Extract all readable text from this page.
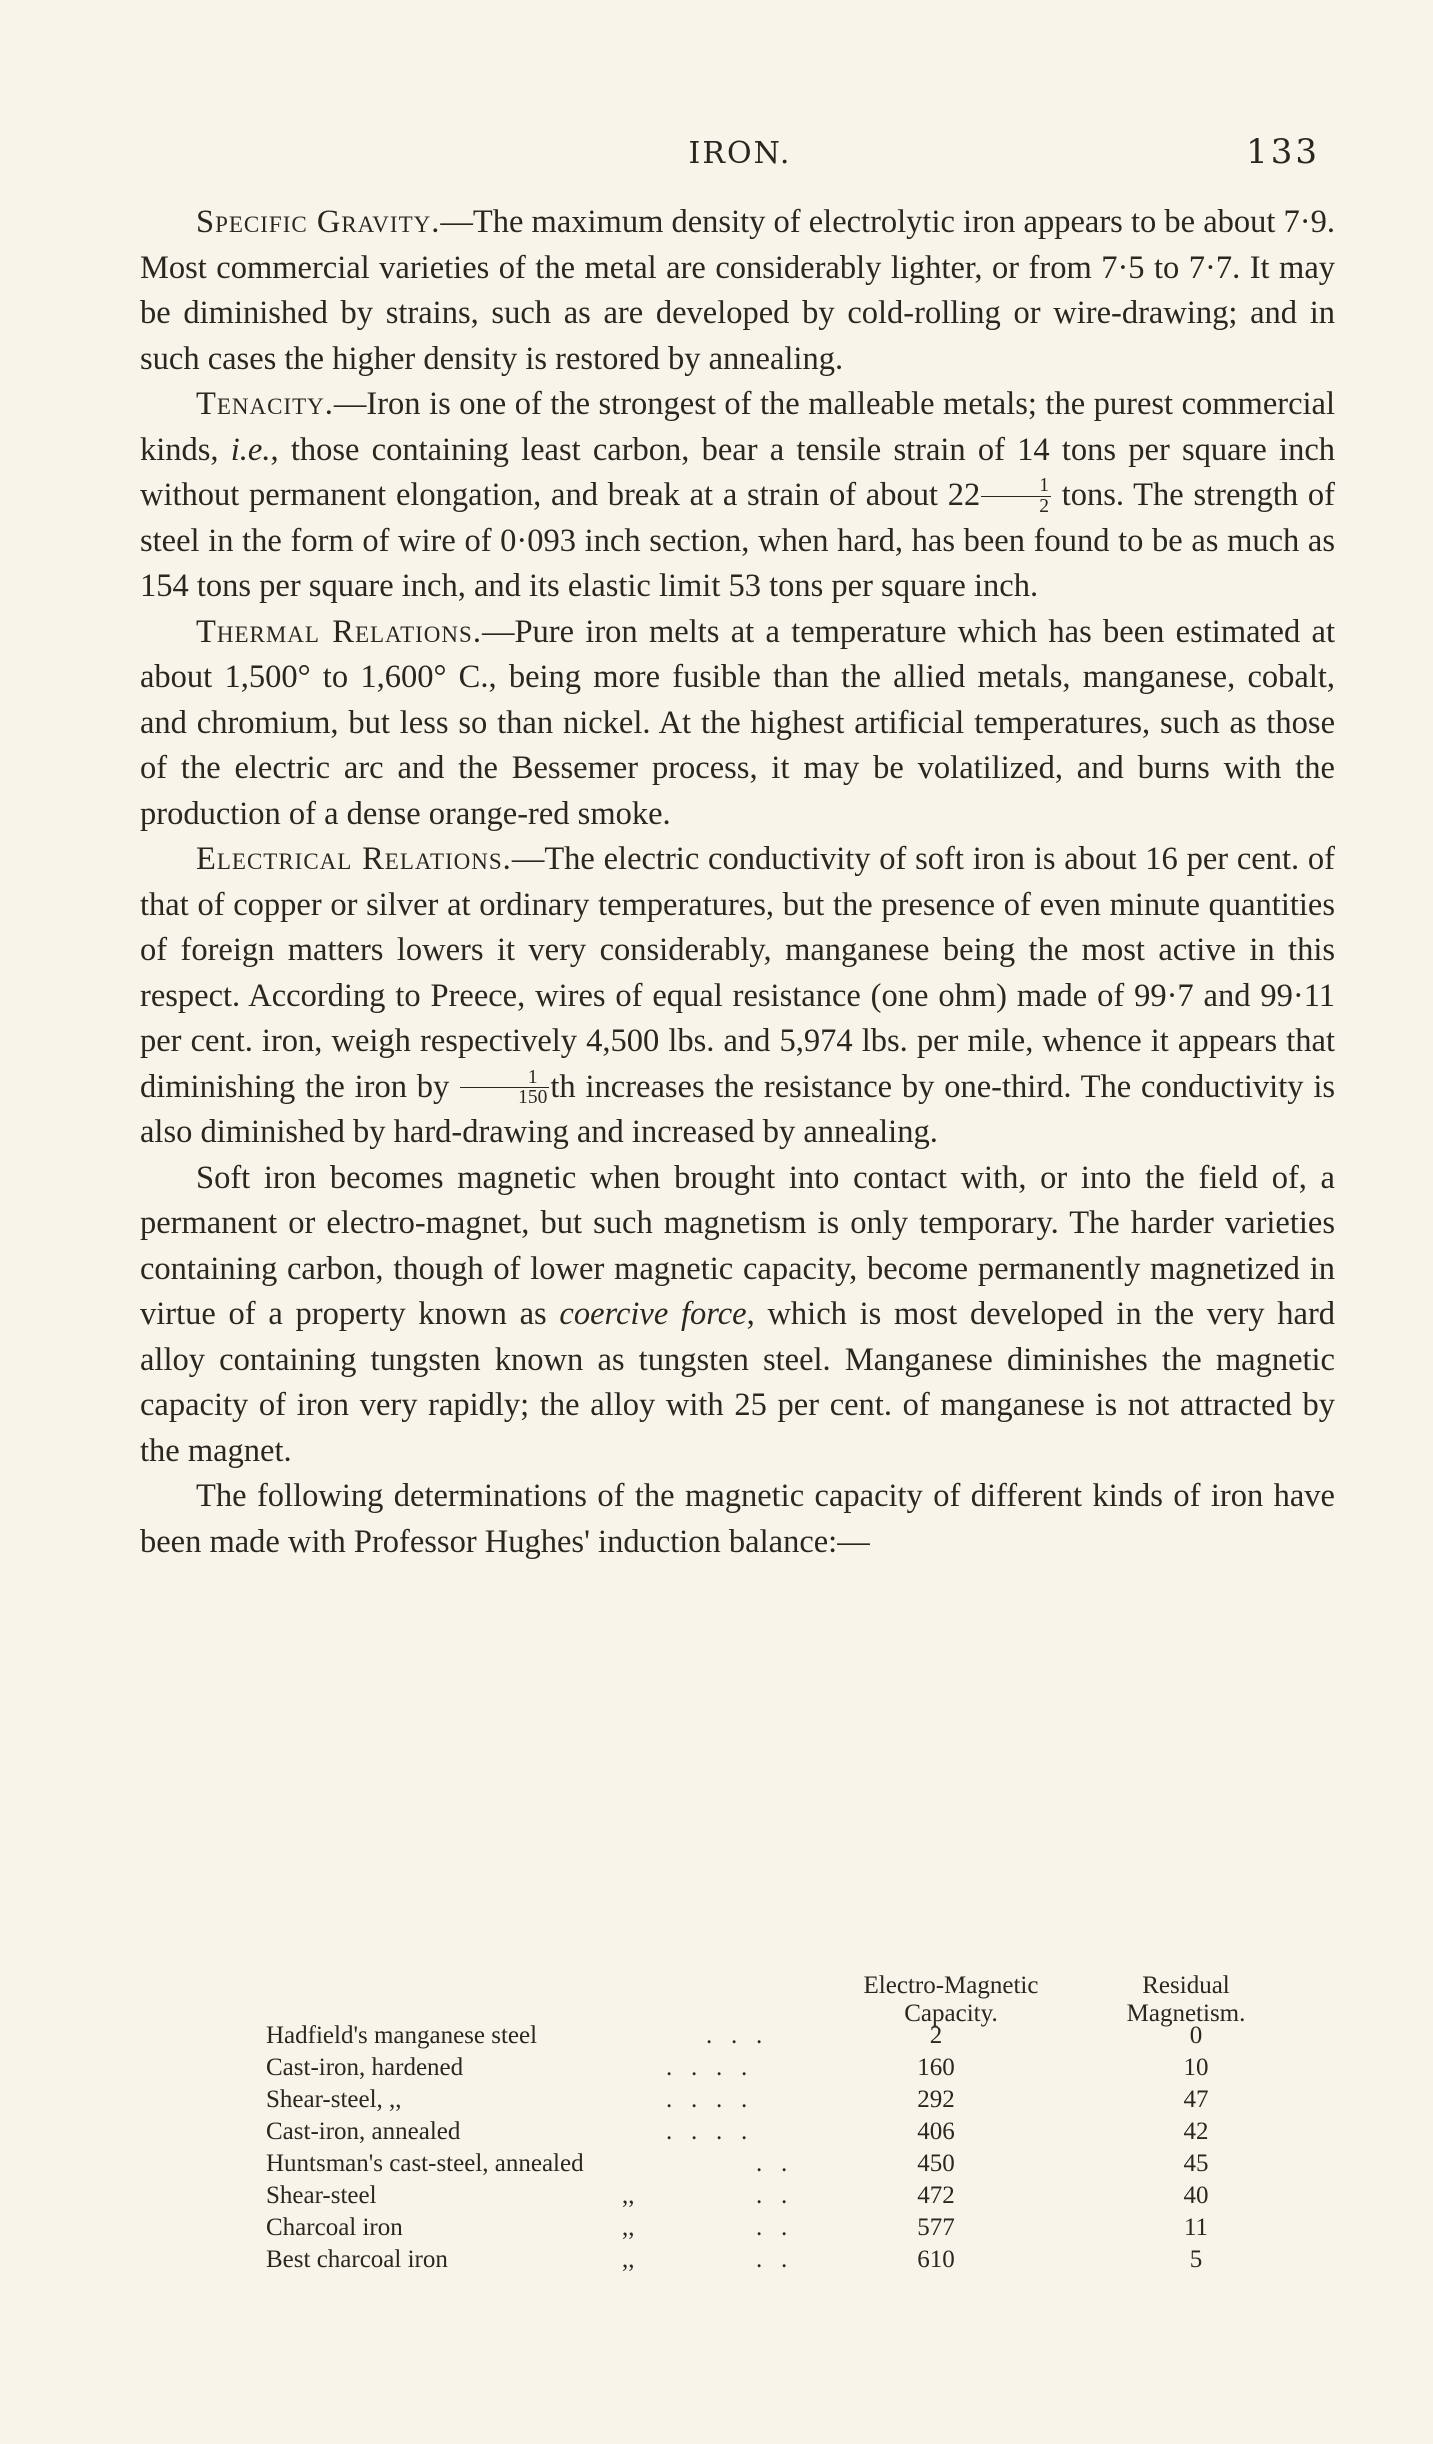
IRON.	133

Specific Gravity.—The maximum density of electrolytic iron appears to be about 7·9. Most commercial varieties of the metal are considerably lighter, or from 7·5 to 7·7. It may be diminished by strains, such as are developed by cold-rolling or wire-drawing; and in such cases the higher density is restored by annealing.

Tenacity.—Iron is one of the strongest of the malleable metals; the purest commercial kinds, i.e., those containing least carbon, bear a tensile strain of 14 tons per square inch without permanent elongation, and break at a strain of about $22 \frac{1}{2}$ tons. The strength of steel in the form of wire of 0·093 inch section, when hard, has been found to be as much as 154 tons per square inch, and its elastic limit 53 tons per square inch.

Thermal Relations.—Pure iron melts at a temperature which has been estimated at about 1,500° to 1,600° C., being more fusible than the allied metals, manganese, cobalt, and chromium, but less so than nickel. At the highest artificial temperatures, such as those of the electric arc and the Bessemer process, it may be volatilized, and burns with the production of a dense orange-red smoke.

Electrical Relations.—The electric conductivity of soft iron is about 16 per cent. of that of copper or silver at ordinary temperatures, but the presence of even minute quantities of foreign matters lowers it very considerably, manganese being the most active in this respect. According to Preece, wires of equal resistance (one ohm) made of 99·7 and 99·11 per cent. iron, weigh respectively 4,500 lbs. and 5,974 lbs. per mile, whence it appears that diminishing the iron by $\frac{1}{150}$ th increases the resistance by one-third. The conductivity is also diminished by hard-drawing and increased by annealing.

Soft iron becomes magnetic when brought into contact with, or into the field of, a permanent or electro-magnet, but such magnetism is only temporary. The harder varieties containing carbon, though of lower magnetic capacity, become permanently magnetized in virtue of a property known as coercive force, which is most developed in the very hard alloy containing tungsten known as tungsten steel. Manganese diminishes the magnetic capacity of iron very rapidly; the alloy with 25 per cent. of manganese is not attracted by the magnet.

The following determinations of the magnetic capacity of different kinds of iron have been made with Professor Hughes' induction balance:—

Electro-Magnetic
Capacity.
Residual
Magnetism.
Hadfield's manganese steel	.   .   .	2	0
Cast-iron, hardened	.   .   .   .	160	10
Shear-steel, ,,	.   .   .   .	292	47
Cast-iron, annealed	.   .   .   .	406	42
Huntsman's cast-steel, annealed	.   .	450	45
Shear-steel	,,	.   .	472	40
Charcoal iron	,,	.   .	577	11
Best charcoal iron	,,	.   .	610	5
